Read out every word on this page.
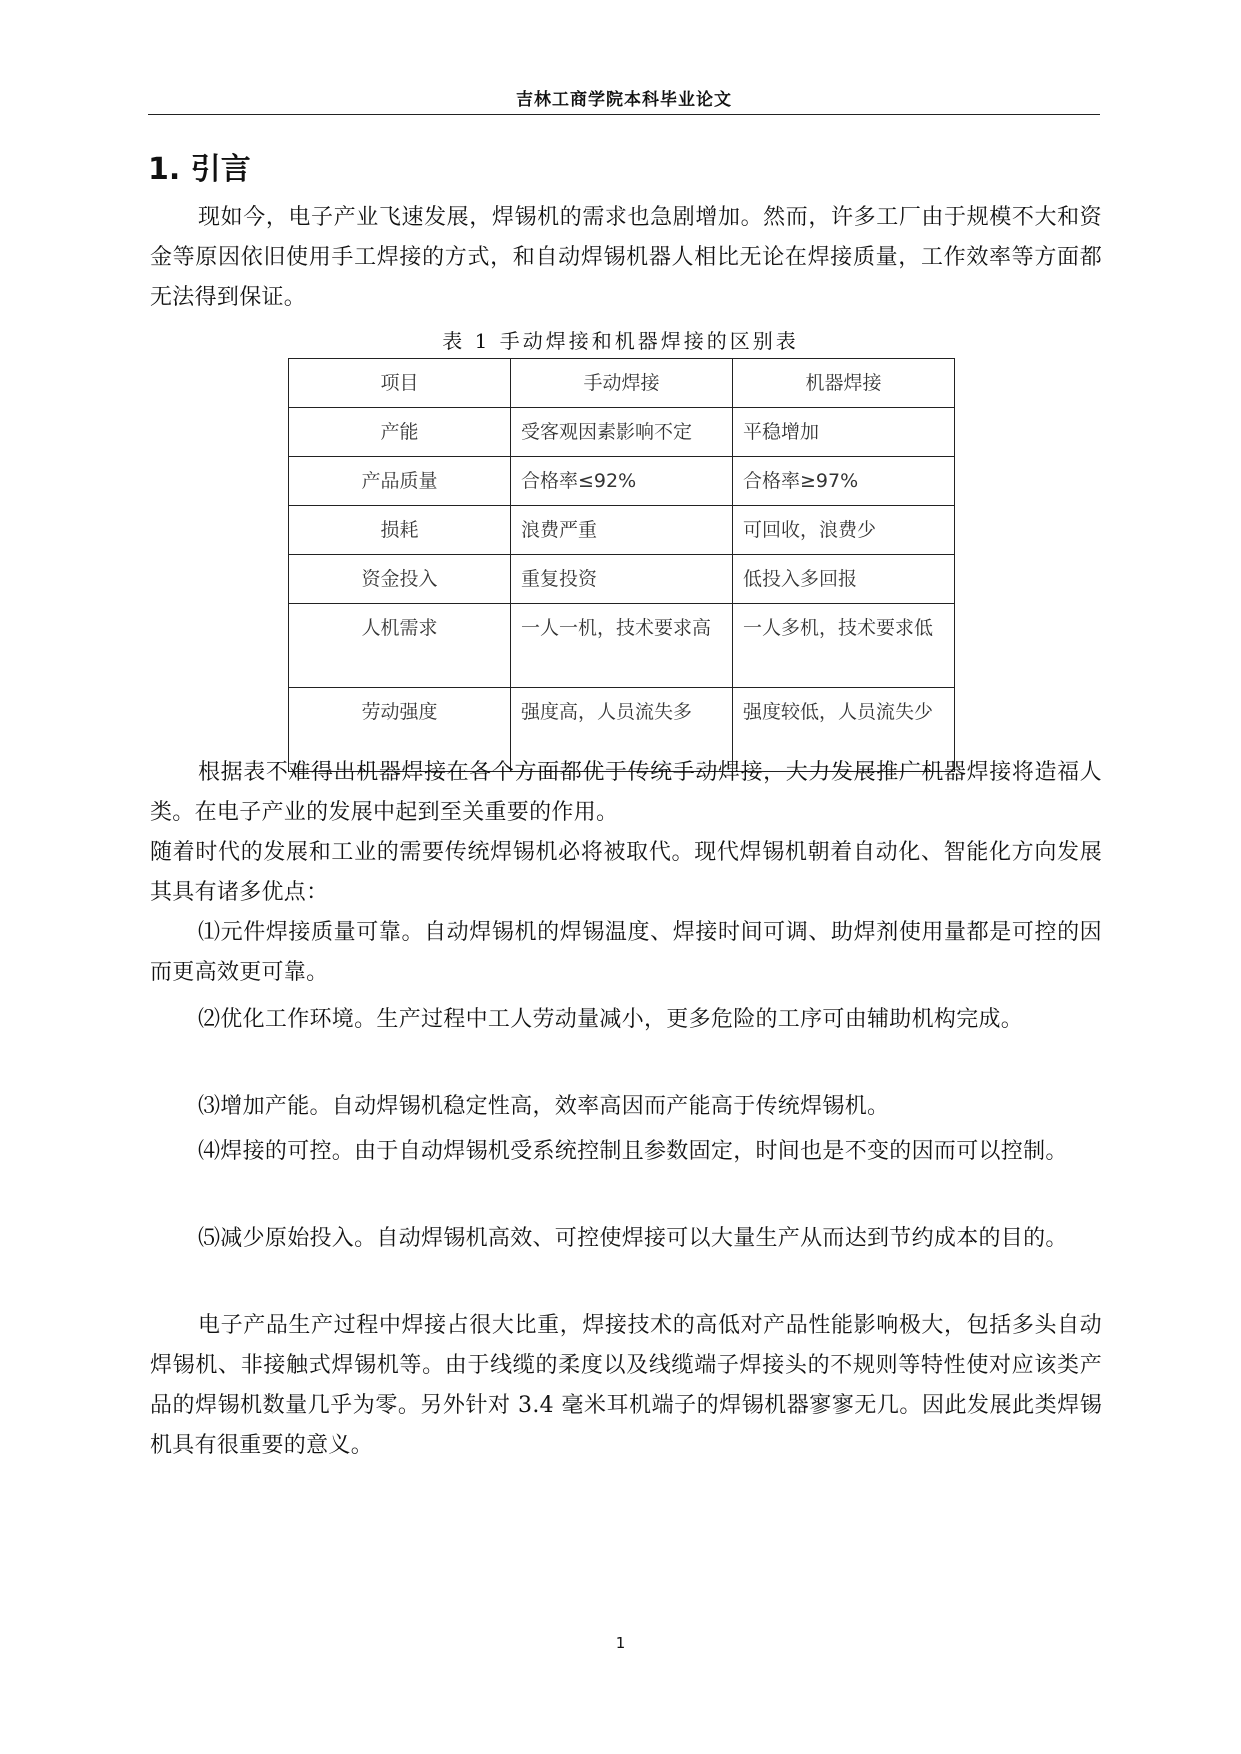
吉林工商学院本科毕业论文
1. 引言

现如今，电子产业飞速发展，焊锡机的需求也急剧增加。然而，许多工厂由于规模不大和资金等原因依旧使用手工焊接的方式，和自动焊锡机器人相比无论在焊接质量，工作效率等方面都无法得到保证。

表 1 手动焊接和机器焊接的区别表
项目	手动焊接	机器焊接
产能	受客观因素影响不定	平稳增加
产品质量	合格率≤92%	合格率≥97%
损耗	浪费严重	可回收，浪费少
资金投入	重复投资	低投入多回报
人机需求	一人一机，技术要求高	一人多机，技术要求低
劳动强度	强度高，人员流失多	强度较低，人员流失少

根据表不难得出机器焊接在各个方面都优于传统手动焊接，大力发展推广机器焊接将造福人类。在电子产业的发展中起到至关重要的作用。

随着时代的发展和工业的需要传统焊锡机必将被取代。现代焊锡机朝着自动化、智能化方向发展其具有诸多优点：

⑴元件焊接质量可靠。自动焊锡机的焊锡温度、焊接时间可调、助焊剂使用量都是可控的因而更高效更可靠。

⑵优化工作环境。生产过程中工人劳动量减小，更多危险的工序可由辅助机构完成。

⑶增加产能。自动焊锡机稳定性高，效率高因而产能高于传统焊锡机。

⑷焊接的可控。由于自动焊锡机受系统控制且参数固定，时间也是不变的因而可以控制。

⑸减少原始投入。自动焊锡机高效、可控使焊接可以大量生产从而达到节约成本的目的。

电子产品生产过程中焊接占很大比重，焊接技术的高低对产品性能影响极大，包括多头自动焊锡机、非接触式焊锡机等。由于线缆的柔度以及线缆端子焊接头的不规则等特性使对应该类产品的焊锡机数量几乎为零。另外针对 3.4 毫米耳机端子的焊锡机器寥寥无几。因此发展此类焊锡机具有很重要的意义。

1
